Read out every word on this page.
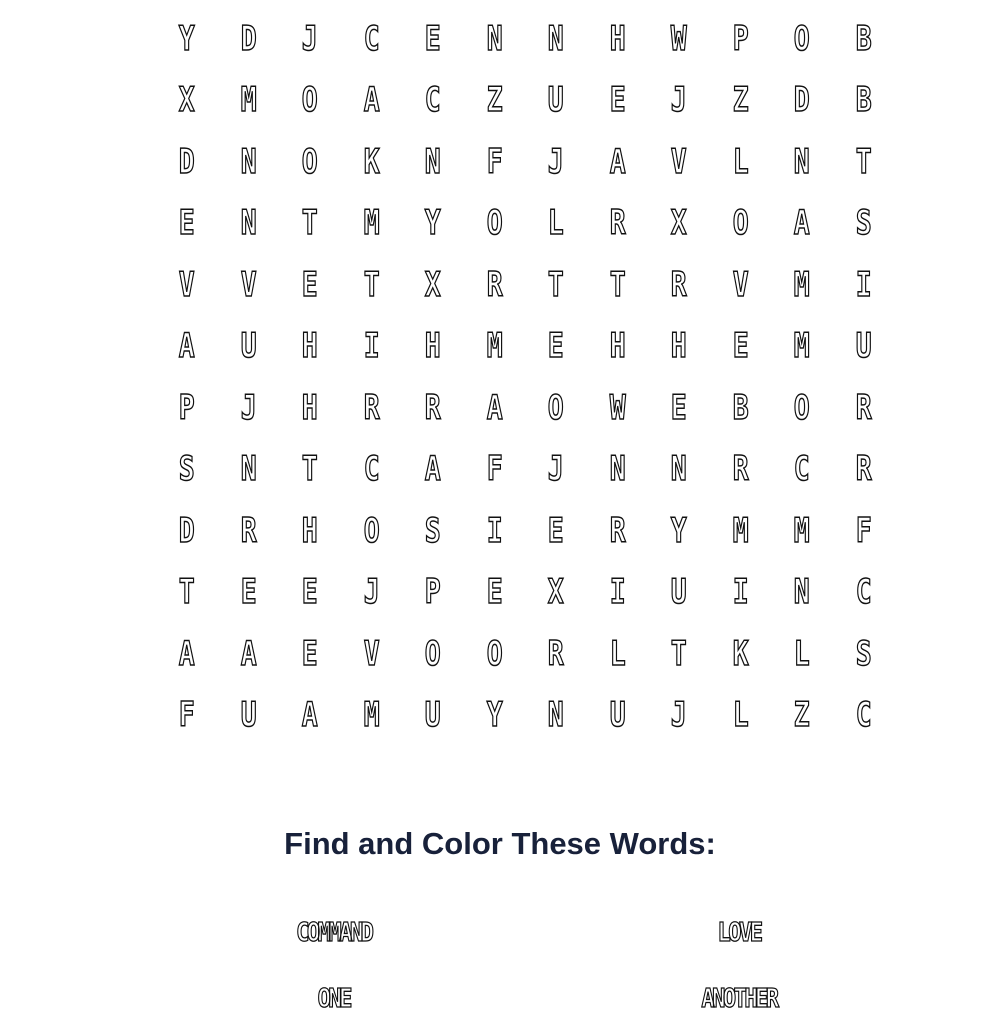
Y	D	J	C	E	N	N	H	W	P	O	B
X	M	O	A	C	Z	U	E	J	Z	D	B
D	N	O	K	N	F	J	A	V	L	N	T
E	N	T	M	Y	O	L	R	X	O	A	S
V	V	E	T	X	R	T	T	R	V	M	I
A	U	H	I	H	M	E	H	H	E	M	U
P	J	H	R	R	A	O	W	E	B	O	R
S	N	T	C	A	F	J	N	N	R	C	R
D	R	H	O	S	I	E	R	Y	M	M	F
T	E	E	J	P	E	X	I	U	I	N	C
A	A	E	V	O	O	R	L	T	K	L	S
F	U	A	M	U	Y	N	U	J	L	Z	C
Find and Color These Words:
COMMAND	LOVE
ONE	ANOTHER
